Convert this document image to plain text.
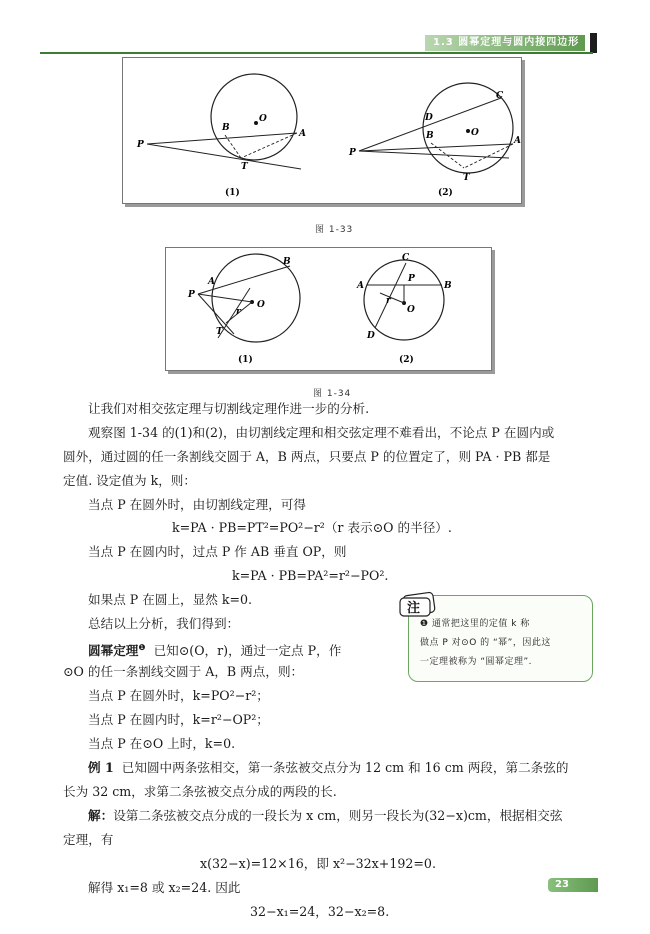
1.3 圆幂定理与圆内接四边形
O
P
B
A
T
(1)
O
P
B	A
C
D
T
(2)
图 1-33
P
A
B
O
r
T
(1)
A	B
C
D
P
O
r
(2)
图 1-34
让我们对相交弦定理与切割线定理作进一步的分析.
观察图 1-34 的(1)和(2)，由切割线定理和相交弦定理不难看出，不论点 P 在圆内或
圆外，通过圆的任一条割线交圆于 A，B 两点，只要点 P 的位置定了，则 PA · PB 都是
定值. 设定值为 k，则：
当点 P 在圆外时，由切割线定理，可得
k=PA · PB=PT²=PO²−r²（r 表示⊙O 的半径）.
当点 P 在圆内时，过点 P 作 AB 垂直 OP，则
k=PA · PB=PA²=r²−PO².
如果点 P 在圆上，显然 k=0.
总结以上分析，我们得到：
圆幂定理$^❶$ 已知⊙(O，r)，通过一定点 P，作
⊙O 的任一条割线交圆于 A，B 两点，则：
当点 P 在圆外时，k=PO²−r²；
当点 P 在圆内时，k=r²−OP²；
当点 P 在⊙O 上时，k=0.
例 1 已知圆中两条弦相交，第一条弦被交点分为 12 cm 和 16 cm 两段，第二条弦的
长为 32 cm，求第二条弦被交点分成的两段的长.
解：设第二条弦被交点分成的一段长为 x cm，则另一段长为(32−x)cm，根据相交弦
定理，有
x(32−x)=12×16，即 x²−32x+192=0.
解得 x₁=8 或 x₂=24. 因此
32−x₁=24，32−x₂=8.
注
❶ 通常把这里的定值 k 称
做点 P 对⊙O 的 “幂”，因此这
一定理被称为 “圆幂定理”.
23
